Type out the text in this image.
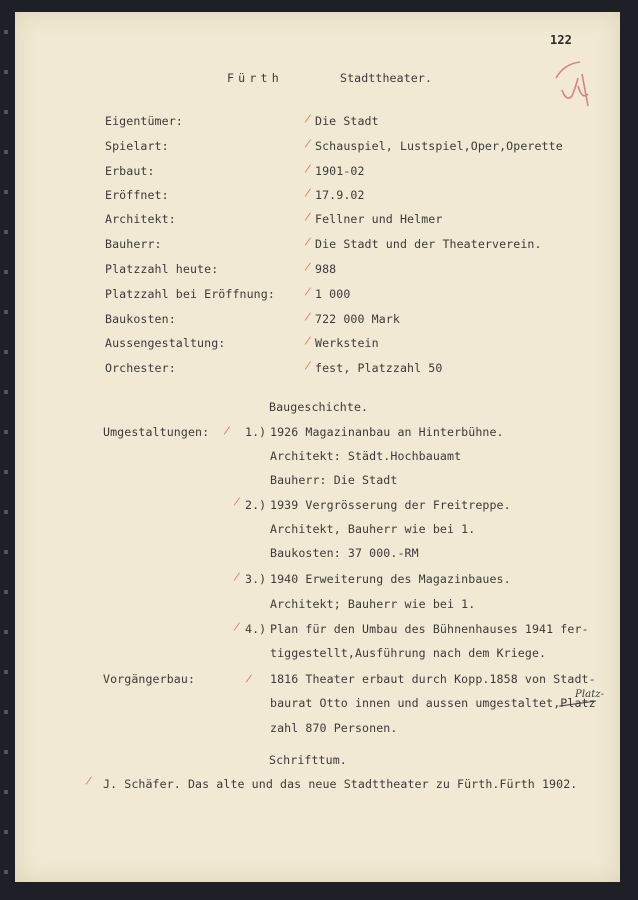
122
Fürth	Stadttheater.
Eigentümer:
Spielart:
Erbaut:
Eröffnet:
Architekt:
Bauherr:
Platzzahl heute:
Platzzahl bei Eröffnung:
Baukosten:
Aussengestaltung:
Orchester:
/
/
/
/
/
/
/
/
/
/
/
Die Stadt
Schauspiel, Lustspiel,Oper,Operette
1901-02
17.9.02
Fellner und Helmer
Die Stadt und der Theaterverein.
988
1 000
722 000 Mark
Werkstein
fest, Platzzahl 50
Baugeschichte.
Umgestaltungen: /
/
/
/
1.) 1926 Magazinanbau an Hinterbühne.
Architekt: Städt.Hochbauamt
Bauherr: Die Stadt
2.) 1939 Vergrösserung der Freitreppe.
Architekt, Bauherr wie bei 1.
Baukosten: 37 000.-RM
3.) 1940 Erweiterung des Magazinbaues.
Architekt; Bauherr wie bei 1.
4.) Plan für den Umbau des Bühnenhauses 1941 fer-
tiggestellt,Ausführung nach dem Kriege.
Vorgängerbau:	/ 1816 Theater erbaut durch Kopp.1858 von Stadt-
baurat Otto innen und aussen umgestaltet,Platz
Platz-
zahl 870 Personen.
Schrifttum.
/ J. Schäfer. Das alte und das neue Stadttheater zu Fürth.Fürth 1902.
